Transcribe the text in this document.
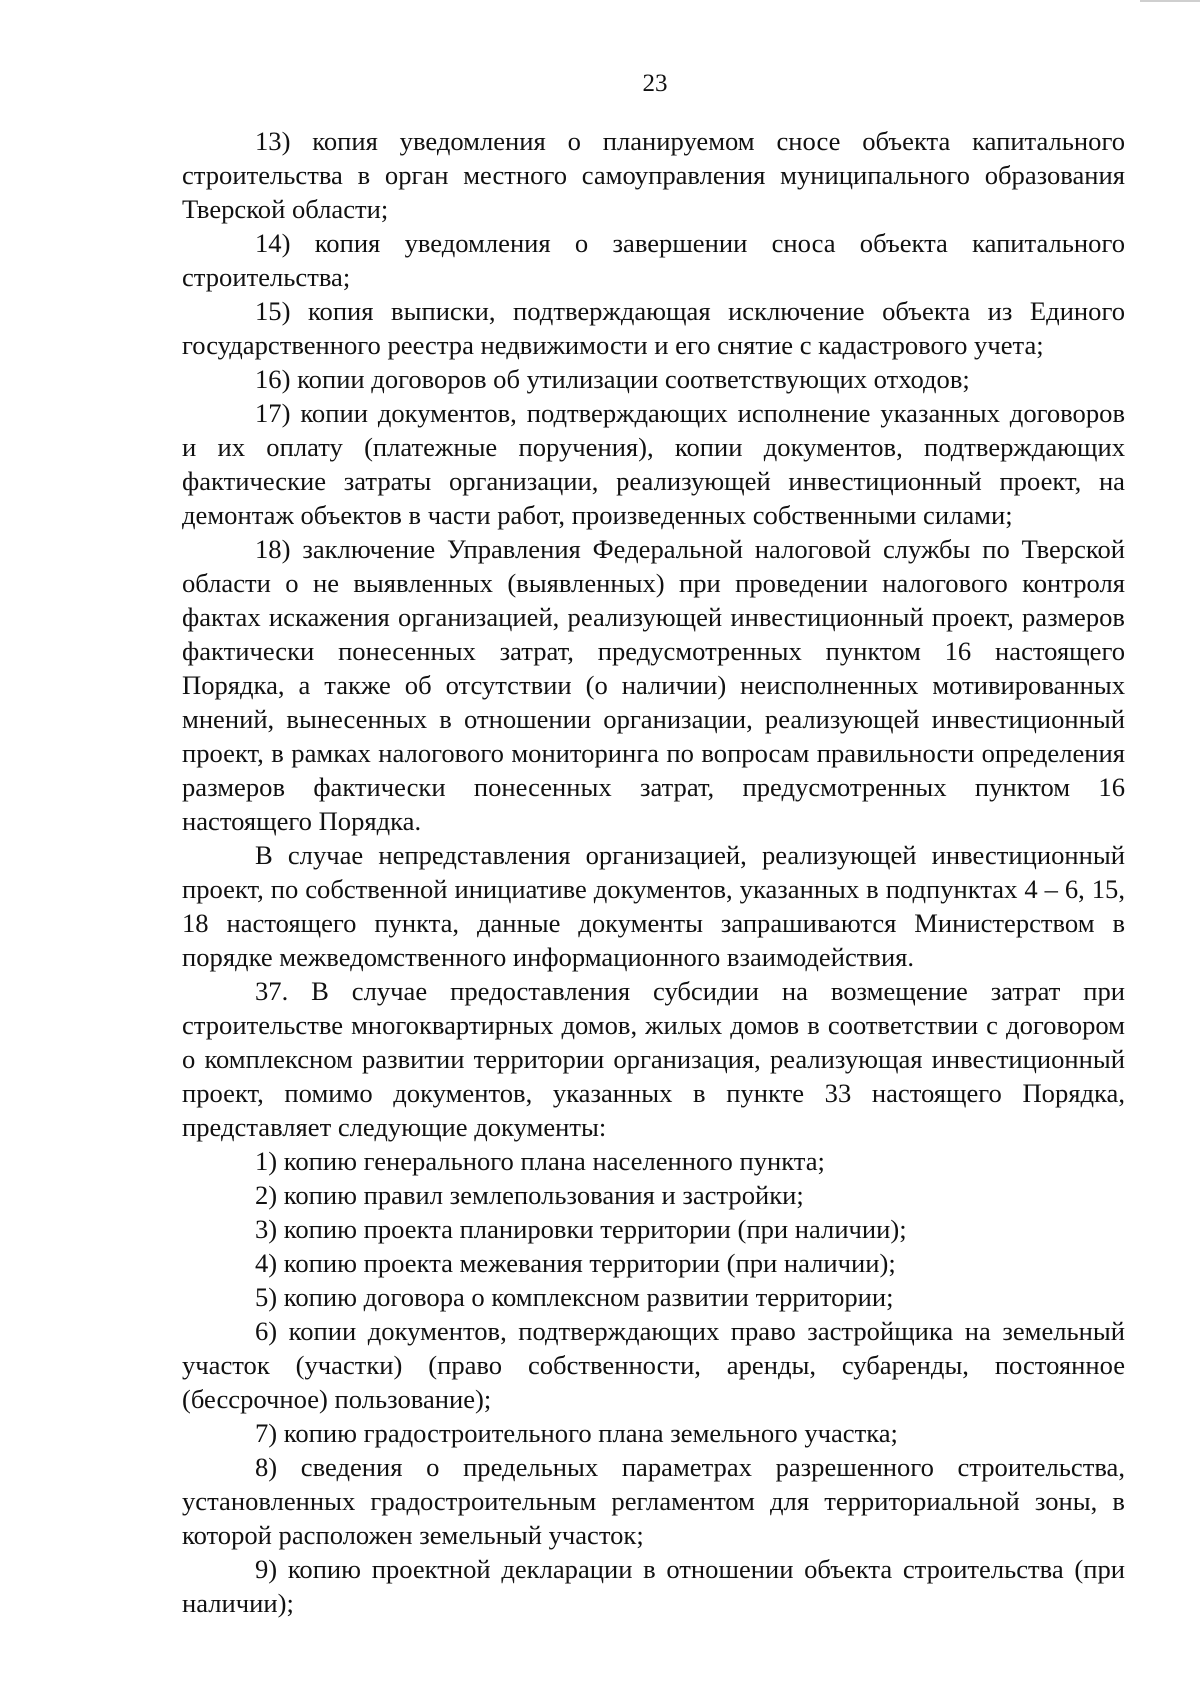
23

13) копия уведомления о планируемом сносе объекта капитального строительства в орган местного самоуправления муниципального образования Тверской области;

14) копия уведомления о завершении сноса объекта капитального строительства;

15) копия выписки, подтверждающая исключение объекта из Единого государственного реестра недвижимости и его снятие с кадастрового учета;

16) копии договоров об утилизации соответствующих отходов;

17) копии документов, подтверждающих исполнение указанных договоров и их оплату (платежные поручения), копии документов, подтверждающих фактические затраты организации, реализующей инвестиционный проект, на демонтаж объектов в части работ, произведенных собственными силами;

18) заключение Управления Федеральной налоговой службы по Тверской области о не выявленных (выявленных) при проведении налогового контроля фактах искажения организацией, реализующей инвестиционный проект, размеров фактически понесенных затрат, предусмотренных пунктом 16 настоящего Порядка, а также об отсутствии (о наличии) неисполненных мотивированных мнений, вынесенных в отношении организации, реализующей инвестиционный проект, в рамках налогового мониторинга по вопросам правильности определения размеров фактически понесенных затрат, предусмотренных пунктом 16 настоящего Порядка.

В случае непредставления организацией, реализующей инвестиционный проект, по собственной инициативе документов, указанных в подпунктах 4 – 6, 15, 18 настоящего пункта, данные документы запрашиваются Министерством в порядке межведомственного информационного взаимодействия.

37. В случае предоставления субсидии на возмещение затрат при строительстве многоквартирных домов, жилых домов в соответствии с договором о комплексном развитии территории организация, реализующая инвестиционный проект, помимо документов, указанных в пункте 33 настоящего Порядка, представляет следующие документы:

1) копию генерального плана населенного пункта;

2) копию правил землепользования и застройки;

3) копию проекта планировки территории (при наличии);

4) копию проекта межевания территории (при наличии);

5) копию договора о комплексном развитии территории;

6) копии документов, подтверждающих право застройщика на земельный участок (участки) (право собственности, аренды, субаренды, постоянное (бессрочное) пользование);

7) копию градостроительного плана земельного участка;

8) сведения о предельных параметрах разрешенного строительства, установленных градостроительным регламентом для территориальной зоны, в которой расположен земельный участок;

9) копию проектной декларации в отношении объекта строительства (при наличии);
